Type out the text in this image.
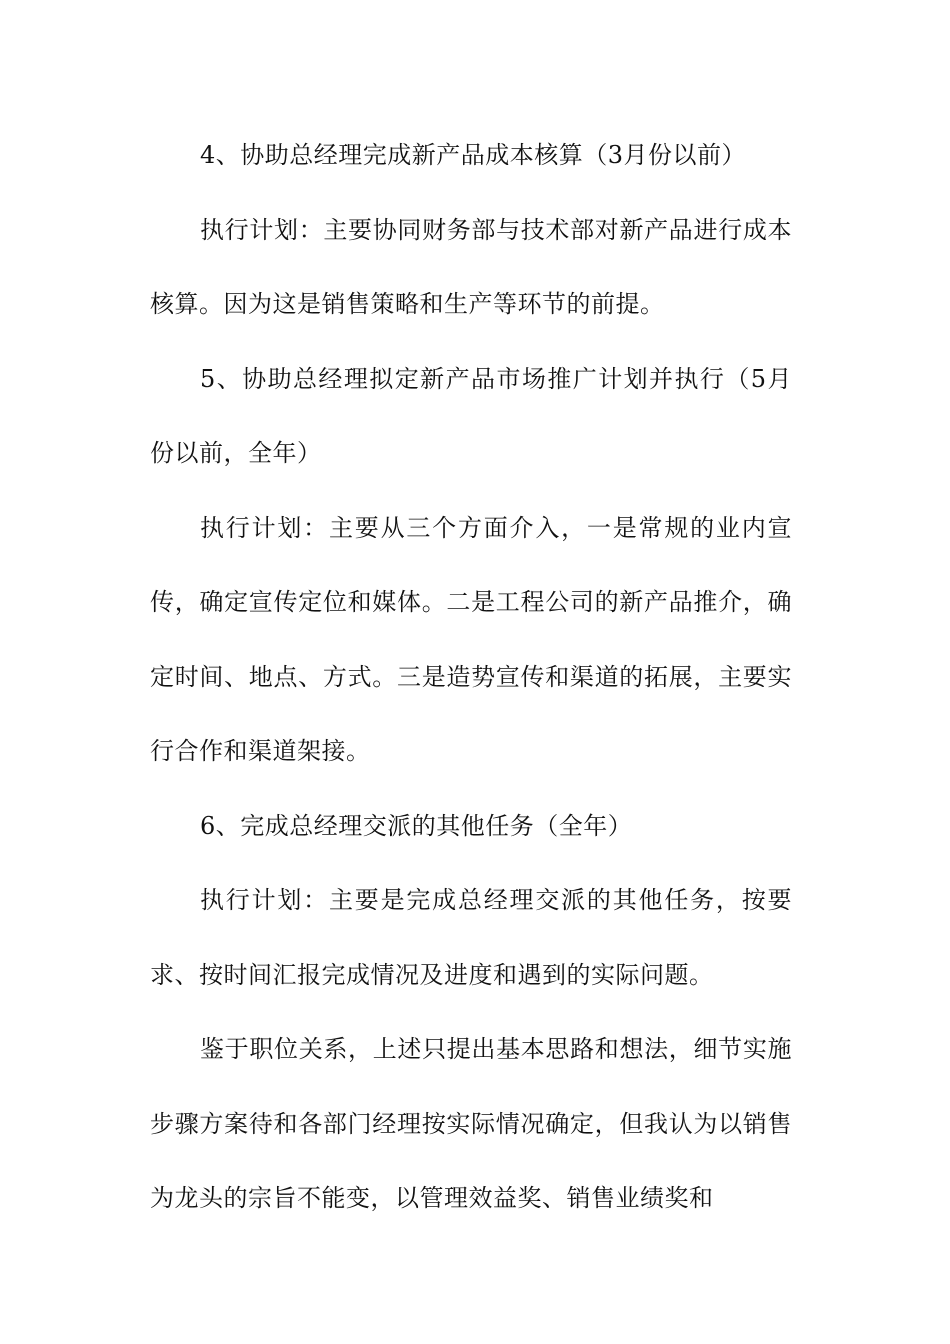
4、协助总经理完成新产品成本核算（3月份以前）

执行计划：主要协同财务部与技术部对新产品进行成本核算。因为这是销售策略和生产等环节的前提。

5、协助总经理拟定新产品市场推广计划并执行（5月份以前，全年）

执行计划：主要从三个方面介入，一是常规的业内宣传，确定宣传定位和媒体。二是工程公司的新产品推介，确定时间、地点、方式。三是造势宣传和渠道的拓展，主要实行合作和渠道架接。

6、完成总经理交派的其他任务（全年）

执行计划：主要是完成总经理交派的其他任务，按要求、按时间汇报完成情况及进度和遇到的实际问题。

鉴于职位关系，上述只提出基本思路和想法，细节实施步骤方案待和各部门经理按实际情况确定，但我认为以销售为龙头的宗旨不能变，以管理效益奖、销售业绩奖和
